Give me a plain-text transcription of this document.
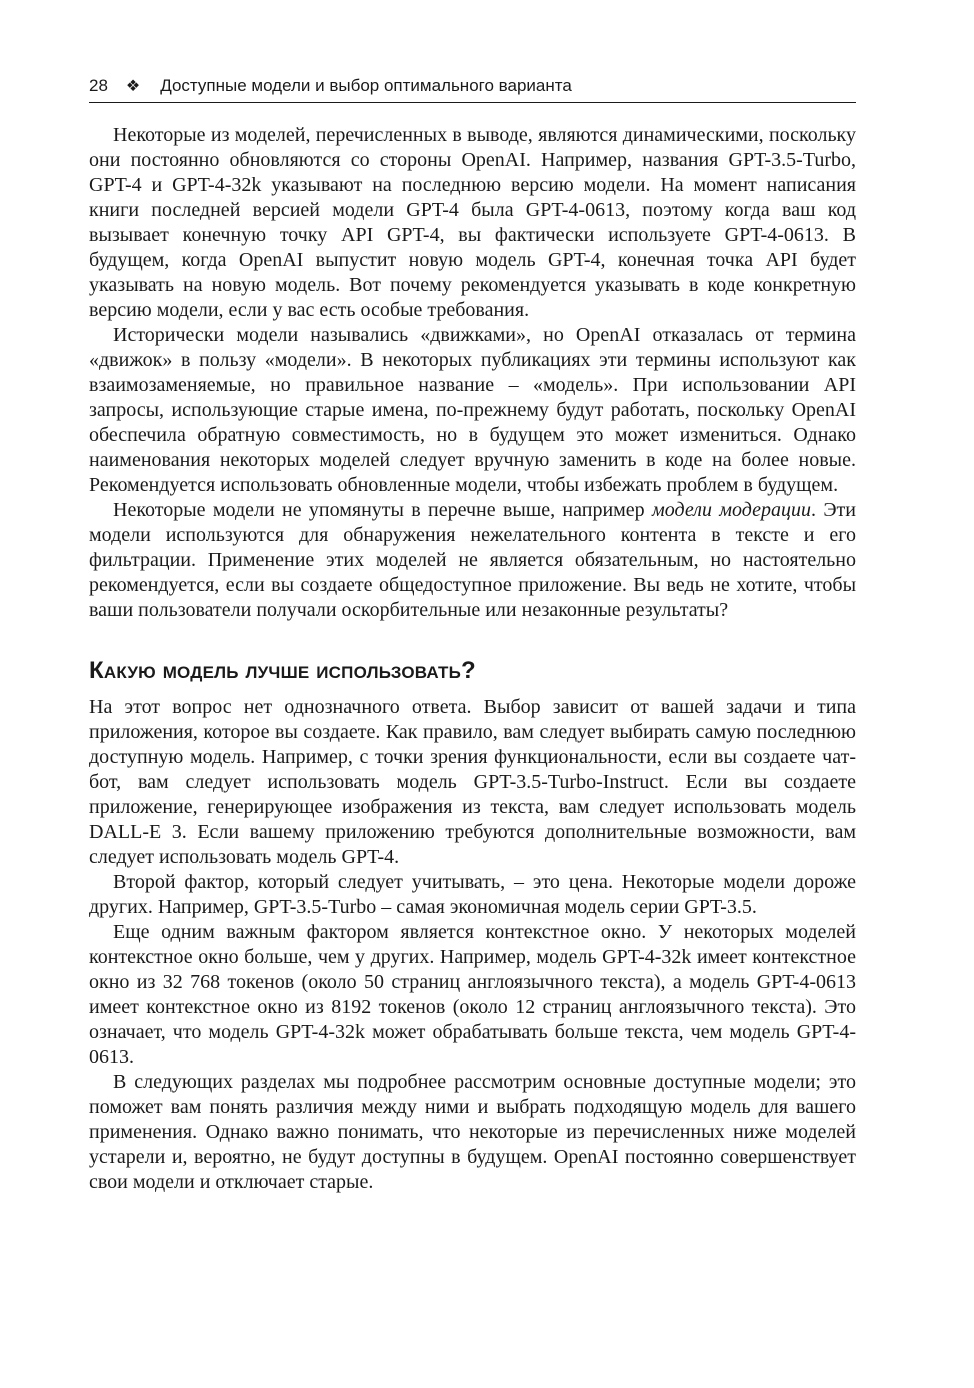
28 ❖ Доступные модели и выбор оптимального варианта

Некоторые из моделей, перечисленных в выводе, являются динамическими, поскольку они постоянно обновляются со стороны OpenAI. Например, названия GPT-3.5-Turbo, GPT-4 и GPT-4-32k указывают на последнюю версию модели. На момент написания книги последней версией модели GPT-4 была GPT-4-0613, поэтому когда ваш код вызывает конечную точку API GPT-4, вы фактически используете GPT-4-0613. В будущем, когда OpenAI выпустит новую модель GPT-4, конечная точка API будет указывать на новую модель. Вот почему рекомендуется указывать в коде конкретную версию модели, если у вас есть особые требования.

Исторически модели назывались «движками», но OpenAI отказалась от термина «движок» в пользу «модели». В некоторых публикациях эти термины используют как взаимозаменяемые, но правильное название – «модель». При использовании API запросы, использующие старые имена, по-прежнему будут работать, поскольку OpenAI обеспечила обратную совместимость, но в будущем это может измениться. Однако наименования некоторых моделей следует вручную заменить в коде на более новые. Рекомендуется использовать обновленные модели, чтобы избежать проблем в будущем.

Некоторые модели не упомянуты в перечне выше, например модели модерации. Эти модели используются для обнаружения нежелательного контента в тексте и его фильтрации. Применение этих моделей не является обязательным, но настоятельно рекомендуется, если вы создаете общедоступное приложение. Вы ведь не хотите, чтобы ваши пользователи получали оскорбительные или незаконные результаты?

Какую модель лучше использовать?

На этот вопрос нет однозначного ответа. Выбор зависит от вашей задачи и типа приложения, которое вы создаете. Как правило, вам следует выбирать самую последнюю доступную модель. Например, с точки зрения функциональности, если вы создаете чат-бот, вам следует использовать модель GPT-3.5-Turbo-Instruct. Если вы создаете приложение, генерирующее изображения из текста, вам следует использовать модель DALL-E 3. Если вашему приложению требуются дополнительные возможности, вам следует использовать модель GPT-4.

Второй фактор, который следует учитывать, – это цена. Некоторые модели дороже других. Например, GPT-3.5-Turbo – самая экономичная модель серии GPT-3.5.

Еще одним важным фактором является контекстное окно. У некоторых моделей контекстное окно больше, чем у других. Например, модель GPT-4-32k имеет контекстное окно из 32 768 токенов (около 50 страниц англоязычного текста), а модель GPT-4-0613 имеет контекстное окно из 8192 токенов (около 12 страниц англоязычного текста). Это означает, что модель GPT-4-32k может обрабатывать больше текста, чем модель GPT-4-0613.

В следующих разделах мы подробнее рассмотрим основные доступные модели; это поможет вам понять различия между ними и выбрать подходящую модель для вашего применения. Однако важно понимать, что некоторые из перечисленных ниже моделей устарели и, вероятно, не будут доступны в будущем. OpenAI постоянно совершенствует свои модели и отключает старые.
